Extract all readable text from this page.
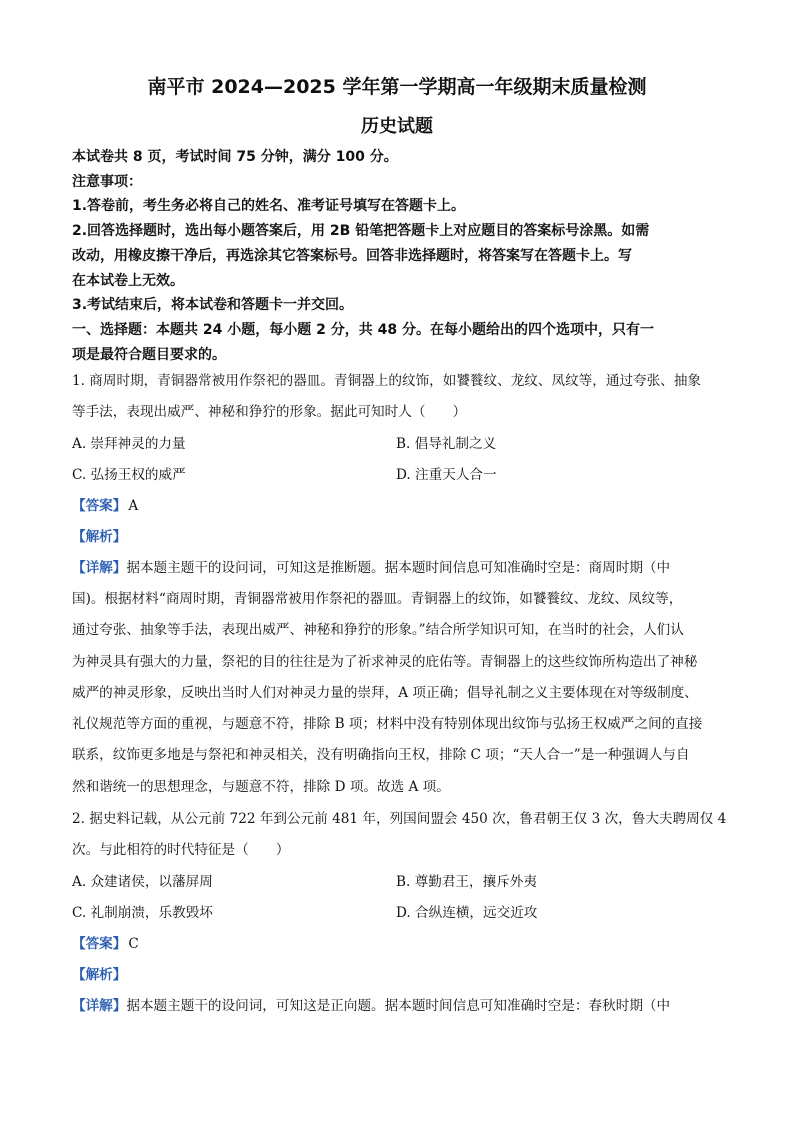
南平市 2024—2025 学年第一学期高一年级期末质量检测
历史试题
本试卷共 8 页，考试时间 75 分钟，满分 100 分。
注意事项：
1.答卷前，考生务必将自己的姓名、准考证号填写在答题卡上。
2.回答选择题时，选出每小题答案后，用 2B 铅笔把答题卡上对应题目的答案标号涂黑。如需
改动，用橡皮擦干净后，再选涂其它答案标号。回答非选择题时，将答案写在答题卡上。写
在本试卷上无效。
3.考试结束后，将本试卷和答题卡一并交回。
一、选择题：本题共 24 小题，每小题 2 分，共 48 分。在每小题给出的四个选项中，只有一
项是最符合题目要求的。
1. 商周时期，青铜器常被用作祭祀的器皿。青铜器上的纹饰，如饕餮纹、龙纹、凤纹等，通过夸张、抽象
等手法，表现出威严、神秘和狰狞的形象。据此可知时人（　　）
A. 崇拜神灵的力量	B. 倡导礼制之义
C. 弘扬王权的威严	D. 注重天人合一
【答案】 A
【解析】
【详解】据本题主题干的设问词，可知这是推断题。据本题时间信息可知准确时空是：商周时期（中
国)。根据材料“商周时期，青铜器常被用作祭祀的器皿。青铜器上的纹饰，如饕餮纹、龙纹、凤纹等，
通过夸张、抽象等手法，表现出威严、神秘和狰狞的形象。”结合所学知识可知，在当时的社会，人们认
为神灵具有强大的力量，祭祀的目的往往是为了祈求神灵的庇佑等。青铜器上的这些纹饰所构造出了神秘
威严的神灵形象，反映出当时人们对神灵力量的崇拜，A 项正确；倡导礼制之义主要体现在对等级制度、
礼仪规范等方面的重视，与题意不符，排除 B 项；材料中没有特别体现出纹饰与弘扬王权威严之间的直接
联系，纹饰更多地是与祭祀和神灵相关，没有明确指向王权，排除 C 项；“天人合一”是一种强调人与自
然和谐统一的思想理念，与题意不符，排除 D 项。故选 A 项。
2. 据史料记载，从公元前 722 年到公元前 481 年，列国间盟会 450 次，鲁君朝王仅 3 次，鲁大夫聘周仅 4
次。与此相符的时代特征是（　　）
A. 众建诸侯，以藩屏周	B. 尊勤君王，攘斥外夷
C. 礼制崩溃，乐教毁坏	D. 合纵连横，远交近攻
【答案】 C
【解析】
【详解】据本题主题干的设问词，可知这是正向题。据本题时间信息可知准确时空是：春秋时期（中
